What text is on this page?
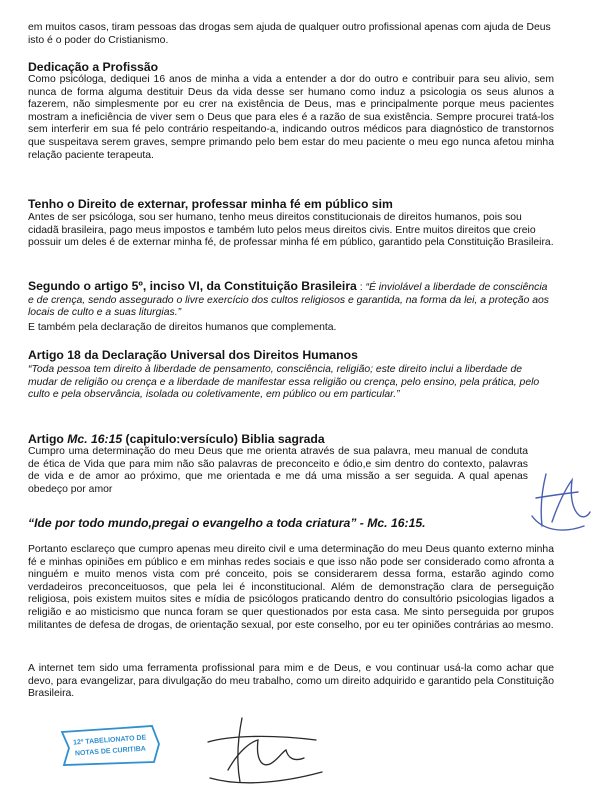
em muitos casos, tiram pessoas das drogas sem ajuda de qualquer outro profissional apenas com ajuda de Deus isto é o poder do Cristianismo.

Dedicação a Profissão

Como psicóloga, dediquei 16 anos de minha a vida a entender a dor do outro e contribuir para seu alivio, sem nunca de forma alguma destituir Deus da vida desse ser humano como induz a psicologia os seus alunos a fazerem, não simplesmente por eu crer na existência de Deus, mas e principalmente porque meus pacientes mostram a ineficiência de viver sem o Deus que para eles é a razão de sua existência. Sempre procurei tratá-los sem interferir em sua fé pelo contrário respeitando-a, indicando outros médicos para diagnóstico de transtornos que suspeitava serem graves, sempre primando pelo bem estar do meu paciente o meu ego nunca afetou minha relação paciente terapeuta.

Tenho o Direito de externar, professar minha fé em público sim

Antes de ser psicóloga, sou ser humano, tenho meus direitos constitucionais de direitos humanos, pois sou cidadã brasileira, pago meus impostos e também luto pelos meus direitos civis. Entre muitos direitos que creio possuir um deles é de externar minha fé, de professar minha fé em público, garantido pela Constituição Brasileira.

Segundo o artigo 5º, inciso VI, da Constituição Brasileira : “É inviolável a liberdade de consciência e de crença, sendo assegurado o livre exercício dos cultos religiosos e garantida, na forma da lei, a proteção aos locais de culto e a suas liturgias.”

E também pela declaração de direitos humanos que complementa.

Artigo 18 da Declaração Universal dos Direitos Humanos

“Toda pessoa tem direito à liberdade de pensamento, consciência, religião; este direito inclui a liberdade de mudar de religião ou crença e a liberdade de manifestar essa religião ou crença, pelo ensino, pela prática, pelo culto e pela observância, isolada ou coletivamente, em público ou em particular.”

Artigo Mc. 16:15 (capitulo:versículo) Biblia sagrada

Cumpro uma determinação do meu Deus que me orienta através de sua palavra, meu manual de conduta de ética de Vida que para mim não são palavras de preconceito e ódio,e sim dentro do contexto, palavras de vida e de amor ao próximo, que me orientada e me dá uma missão a ser seguida. A qual apenas obedeço por amor

“Ide por todo mundo,pregai o evangelho a toda criatura” - Mc. 16:15.

Portanto esclareço que cumpro apenas meu direito civil e uma determinação do meu Deus quanto externo minha fé e minhas opiniões em público e em minhas redes sociais e que isso não pode ser considerado como afronta a ninguém e muito menos vista com pré conceito, pois se considerarem dessa forma, estarão agindo como verdadeiros preconceituosos, que pela lei é inconstitucional. Além de demonstração clara de perseguição religiosa, pois existem muitos sites e mídia de psicólogos praticando dentro do consultório psicologias ligados a religião e ao misticismo que nunca foram se quer questionados por esta casa. Me sinto perseguida por grupos militantes de defesa de drogas, de orientação sexual, por este conselho, por eu ter opiniões contrárias ao mesmo.

A internet tem sido uma ferramenta profissional para mim e de Deus, e vou continuar usá-la como achar que devo, para evangelizar, para divulgação do meu trabalho, como um direito adquirido e garantido pela Constituição Brasileira.

12º TABELIONATO DE
NOTAS DE CURITIBA
